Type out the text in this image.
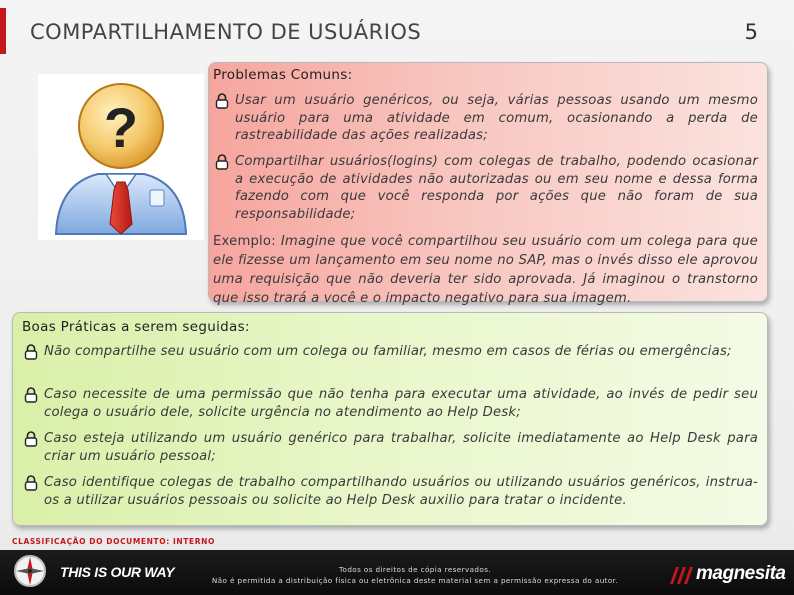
COMPARTILHAMENTO DE USUÁRIOS	5
?
Problemas Comuns:
Usar um usuário genéricos, ou seja, várias pessoas usando um mesmo usuário para uma atividade em comum, ocasionando a perda de rastreabilidade das ações realizadas;
Compartilhar usuários(logins) com colegas de trabalho, podendo ocasionar a execução de atividades não autorizadas ou em seu nome e dessa forma fazendo com que você responda por ações que não foram de sua responsabilidade;
Exemplo: Imagine que você compartilhou seu usuário com um colega para que ele fizesse um lançamento em seu nome no SAP, mas o invés disso ele aprovou uma requisição que não deveria ter sido aprovada. Já imaginou o transtorno que isso trará a você e o impacto negativo para sua imagem.
Boas Práticas a serem seguidas:
Não compartilhe seu usuário com um colega ou familiar, mesmo em casos de férias ou emergências;
Caso necessite de uma permissão que não tenha para executar uma atividade, ao invés de pedir seu colega o usuário dele, solicite urgência no atendimento ao Help Desk;
Caso esteja utilizando um usuário genérico para trabalhar, solicite imediatamente ao Help Desk para criar um usuário pessoal;
Caso identifique colegas de trabalho compartilhando usuários ou utilizando usuários genéricos, instrua-os a utilizar usuários pessoais ou solicite ao Help Desk auxilio para tratar o incidente.
CLASSIFICAÇÃO DO DOCUMENTO: INTERNO
THIS IS OUR WAY	Todos os direitos de cópia reservados.
Não é permitida a distribuição física ou eletrônica deste material sem a permissão expressa do autor.	magnesita
